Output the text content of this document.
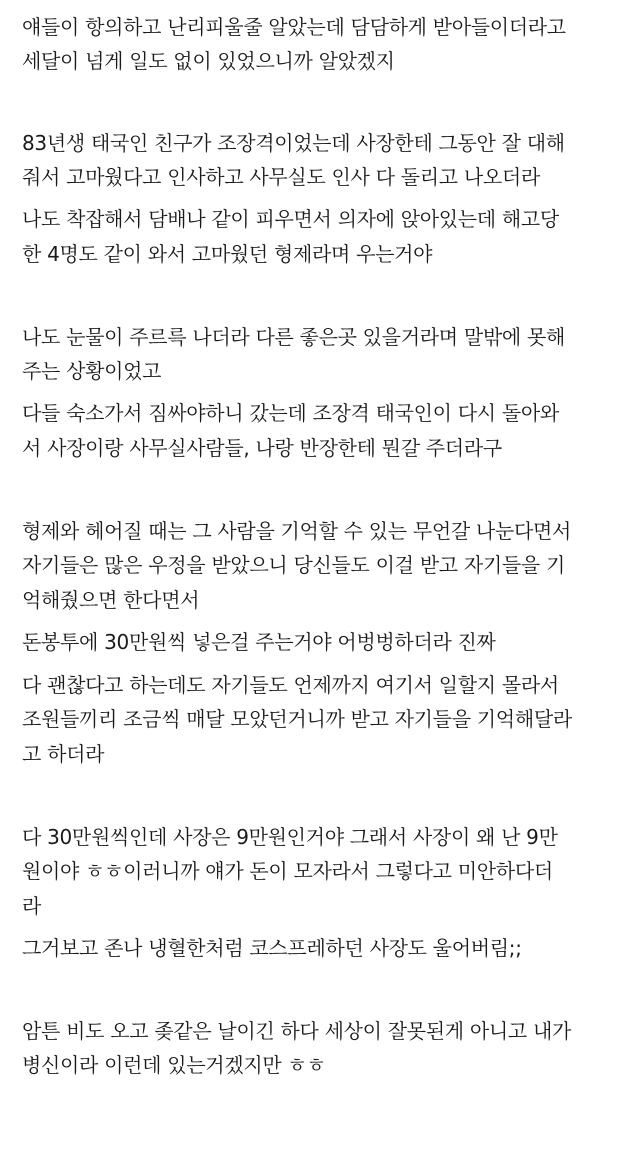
얘들이 항의하고 난리피울줄 알았는데 담담하게 받아들이더라고
세달이 넘게 일도 없이 있었으니까 알았겠지
83년생 태국인 친구가 조장격이었는데 사장한테 그동안 잘 대해
줘서 고마웠다고 인사하고 사무실도 인사 다 돌리고 나오더라
나도 착잡해서 담배나 같이 피우면서 의자에 앉아있는데 해고당
한 4명도 같이 와서 고마웠던 형제라며 우는거야
나도 눈물이 주르륵 나더라 다른 좋은곳 있을거라며 말밖에 못해
주는 상황이었고
다들 숙소가서 짐싸야하니 갔는데 조장격 태국인이 다시 돌아와
서 사장이랑 사무실사람들, 나랑 반장한테 뭔갈 주더라구
형제와 헤어질 때는 그 사람을 기억할 수 있는 무언갈 나눈다면서
자기들은 많은 우정을 받았으니 당신들도 이걸 받고 자기들을 기
억해줬으면 한다면서
돈봉투에 30만원씩 넣은걸 주는거야 어벙벙하더라 진짜
다 괜찮다고 하는데도 자기들도 언제까지 여기서 일할지 몰라서
조원들끼리 조금씩 매달 모았던거니까 받고 자기들을 기억해달라
고 하더라
다 30만원씩인데 사장은 9만원인거야 그래서 사장이 왜 난 9만
원이야 ㅎㅎ이러니까 얘가 돈이 모자라서 그렇다고 미안하다더
라
그거보고 존나 냉혈한처럼 코스프레하던 사장도 울어버림;;
암튼 비도 오고 좆같은 날이긴 하다 세상이 잘못된게 아니고 내가
병신이라 이런데 있는거겠지만 ㅎㅎ
